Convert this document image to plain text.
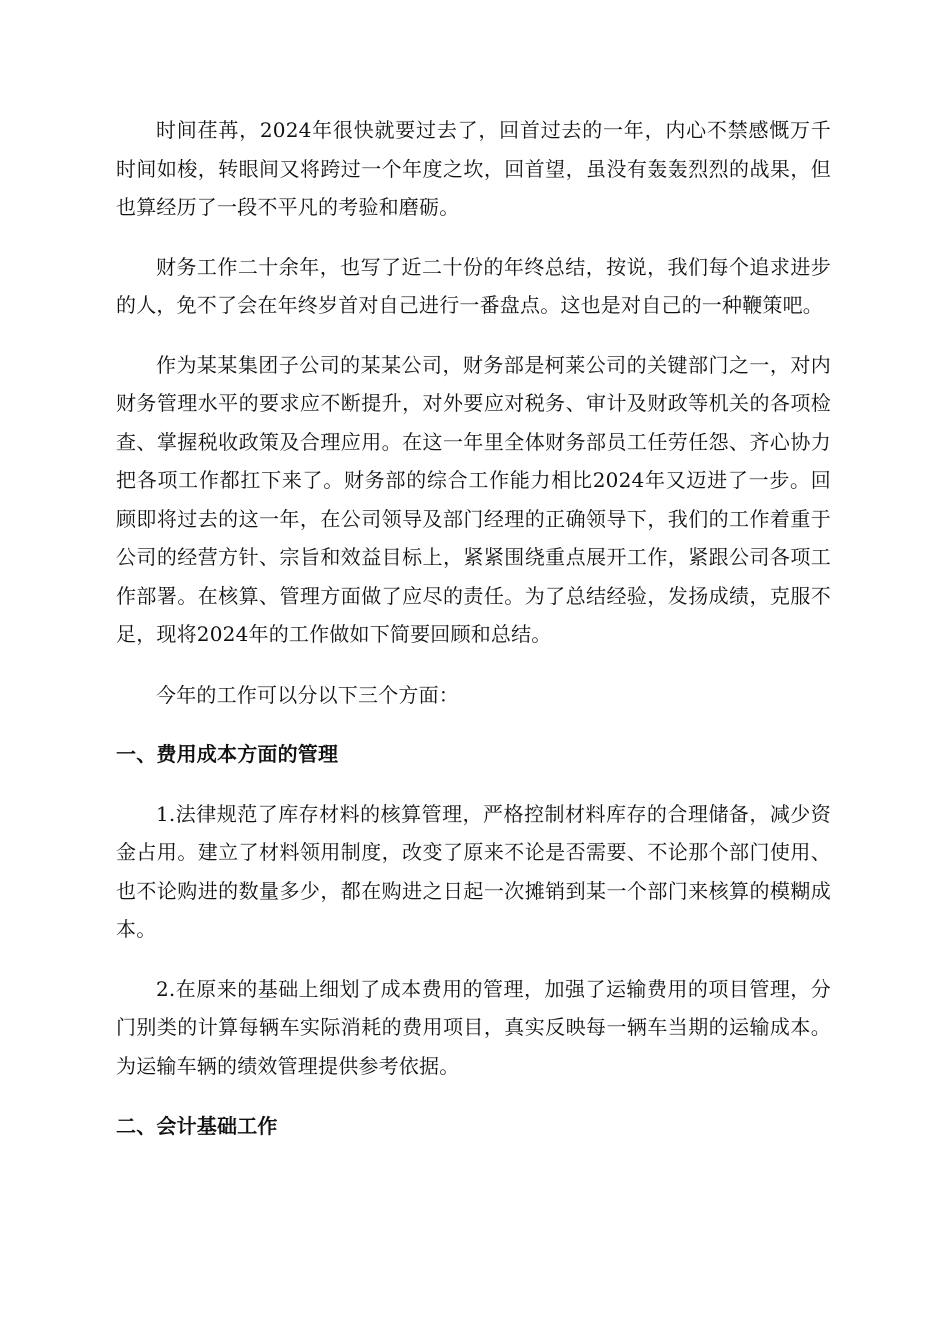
时间荏苒，2024年很快就要过去了，回首过去的一年，内心不禁感慨万千时间如梭，转眼间又将跨过一个年度之坎，回首望，虽没有轰轰烈烈的战果，但也算经历了一段不平凡的考验和磨砺。

财务工作二十余年，也写了近二十份的年终总结，按说，我们每个追求进步的人，免不了会在年终岁首对自己进行一番盘点。这也是对自己的一种鞭策吧。

作为某某集团子公司的某某公司，财务部是柯莱公司的关键部门之一，对内财务管理水平的要求应不断提升，对外要应对税务、审计及财政等机关的各项检查、掌握税收政策及合理应用。在这一年里全体财务部员工任劳任怨、齐心协力把各项工作都扛下来了。财务部的综合工作能力相比2024年又迈进了一步。回顾即将过去的这一年，在公司领导及部门经理的正确领导下，我们的工作着重于公司的经营方针、宗旨和效益目标上，紧紧围绕重点展开工作，紧跟公司各项工作部署。在核算、管理方面做了应尽的责任。为了总结经验，发扬成绩，克服不足，现将2024年的工作做如下简要回顾和总结。

今年的工作可以分以下三个方面：

一、费用成本方面的管理

1.法律规范了库存材料的核算管理，严格控制材料库存的合理储备，减少资金占用。建立了材料领用制度，改变了原来不论是否需要、不论那个部门使用、也不论购进的数量多少，都在购进之日起一次摊销到某一个部门来核算的模糊成本。

2.在原来的基础上细划了成本费用的管理，加强了运输费用的项目管理，分门别类的计算每辆车实际消耗的费用项目，真实反映每一辆车当期的运输成本。为运输车辆的绩效管理提供参考依据。

二、会计基础工作
